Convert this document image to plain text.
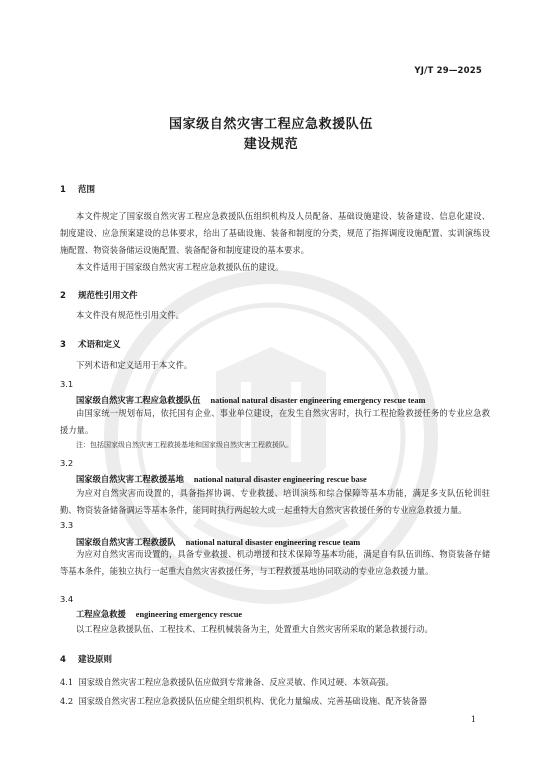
YJ/T 29—2025
国家级自然灾害工程应急救援队伍
建设规范
1 范围
本文件规定了国家级自然灾害工程应急救援队伍组织机构及人员配备、基础设施建设、装备建设、信息化建设、制度建设、应急预案建设的总体要求，给出了基础设施、装备和制度的分类，规范了指挥调度设施配置、实训演练设施配置、物资装备储运设施配置、装备配备和制度建设的基本要求。
本文件适用于国家级自然灾害工程应急救援队伍的建设。
2 规范性引用文件
本文件没有规范性引用文件。
3 术语和定义
下列术语和定义适用于本文件。
3.1
国家级自然灾害工程应急救援队伍 national natural disaster engineering emergency rescue team
由国家统一规划布局，依托国有企业、事业单位建设，在发生自然灾害时，执行工程抢险救援任务的专业应急救援力量。
注：包括国家级自然灾害工程救援基地和国家级自然灾害工程救援队。
3.2
国家级自然灾害工程救援基地 national natural disaster engineering rescue base
为应对自然灾害而设置的，具备指挥协调、专业救援、培训演练和综合保障等基本功能，满足多支队伍轮训驻勤、物资装备储备调运等基本条件，能同时执行两起较大或一起重特大自然灾害救援任务的专业应急救援力量。
3.3
国家级自然灾害工程救援队 national natural disaster engineering rescue team
为应对自然灾害而设置的，具备专业救援、机动增援和技术保障等基本功能，满足自有队伍训练、物资装备存储等基本条件，能独立执行一起重大自然灾害救援任务，与工程救援基地协同联动的专业应急救援力量。
3.4
工程应急救援 engineering emergency rescue
以工程应急救援队伍、工程技术、工程机械装备为主，处置重大自然灾害所采取的紧急救援行动。
4 建设原则
4.1 国家级自然灾害工程应急救援队伍应做到专常兼备、反应灵敏、作风过硬、本领高强。
4.2 国家级自然灾害工程应急救援队伍应健全组织机构、优化力量编成、完善基础设施、配齐装备器
1
